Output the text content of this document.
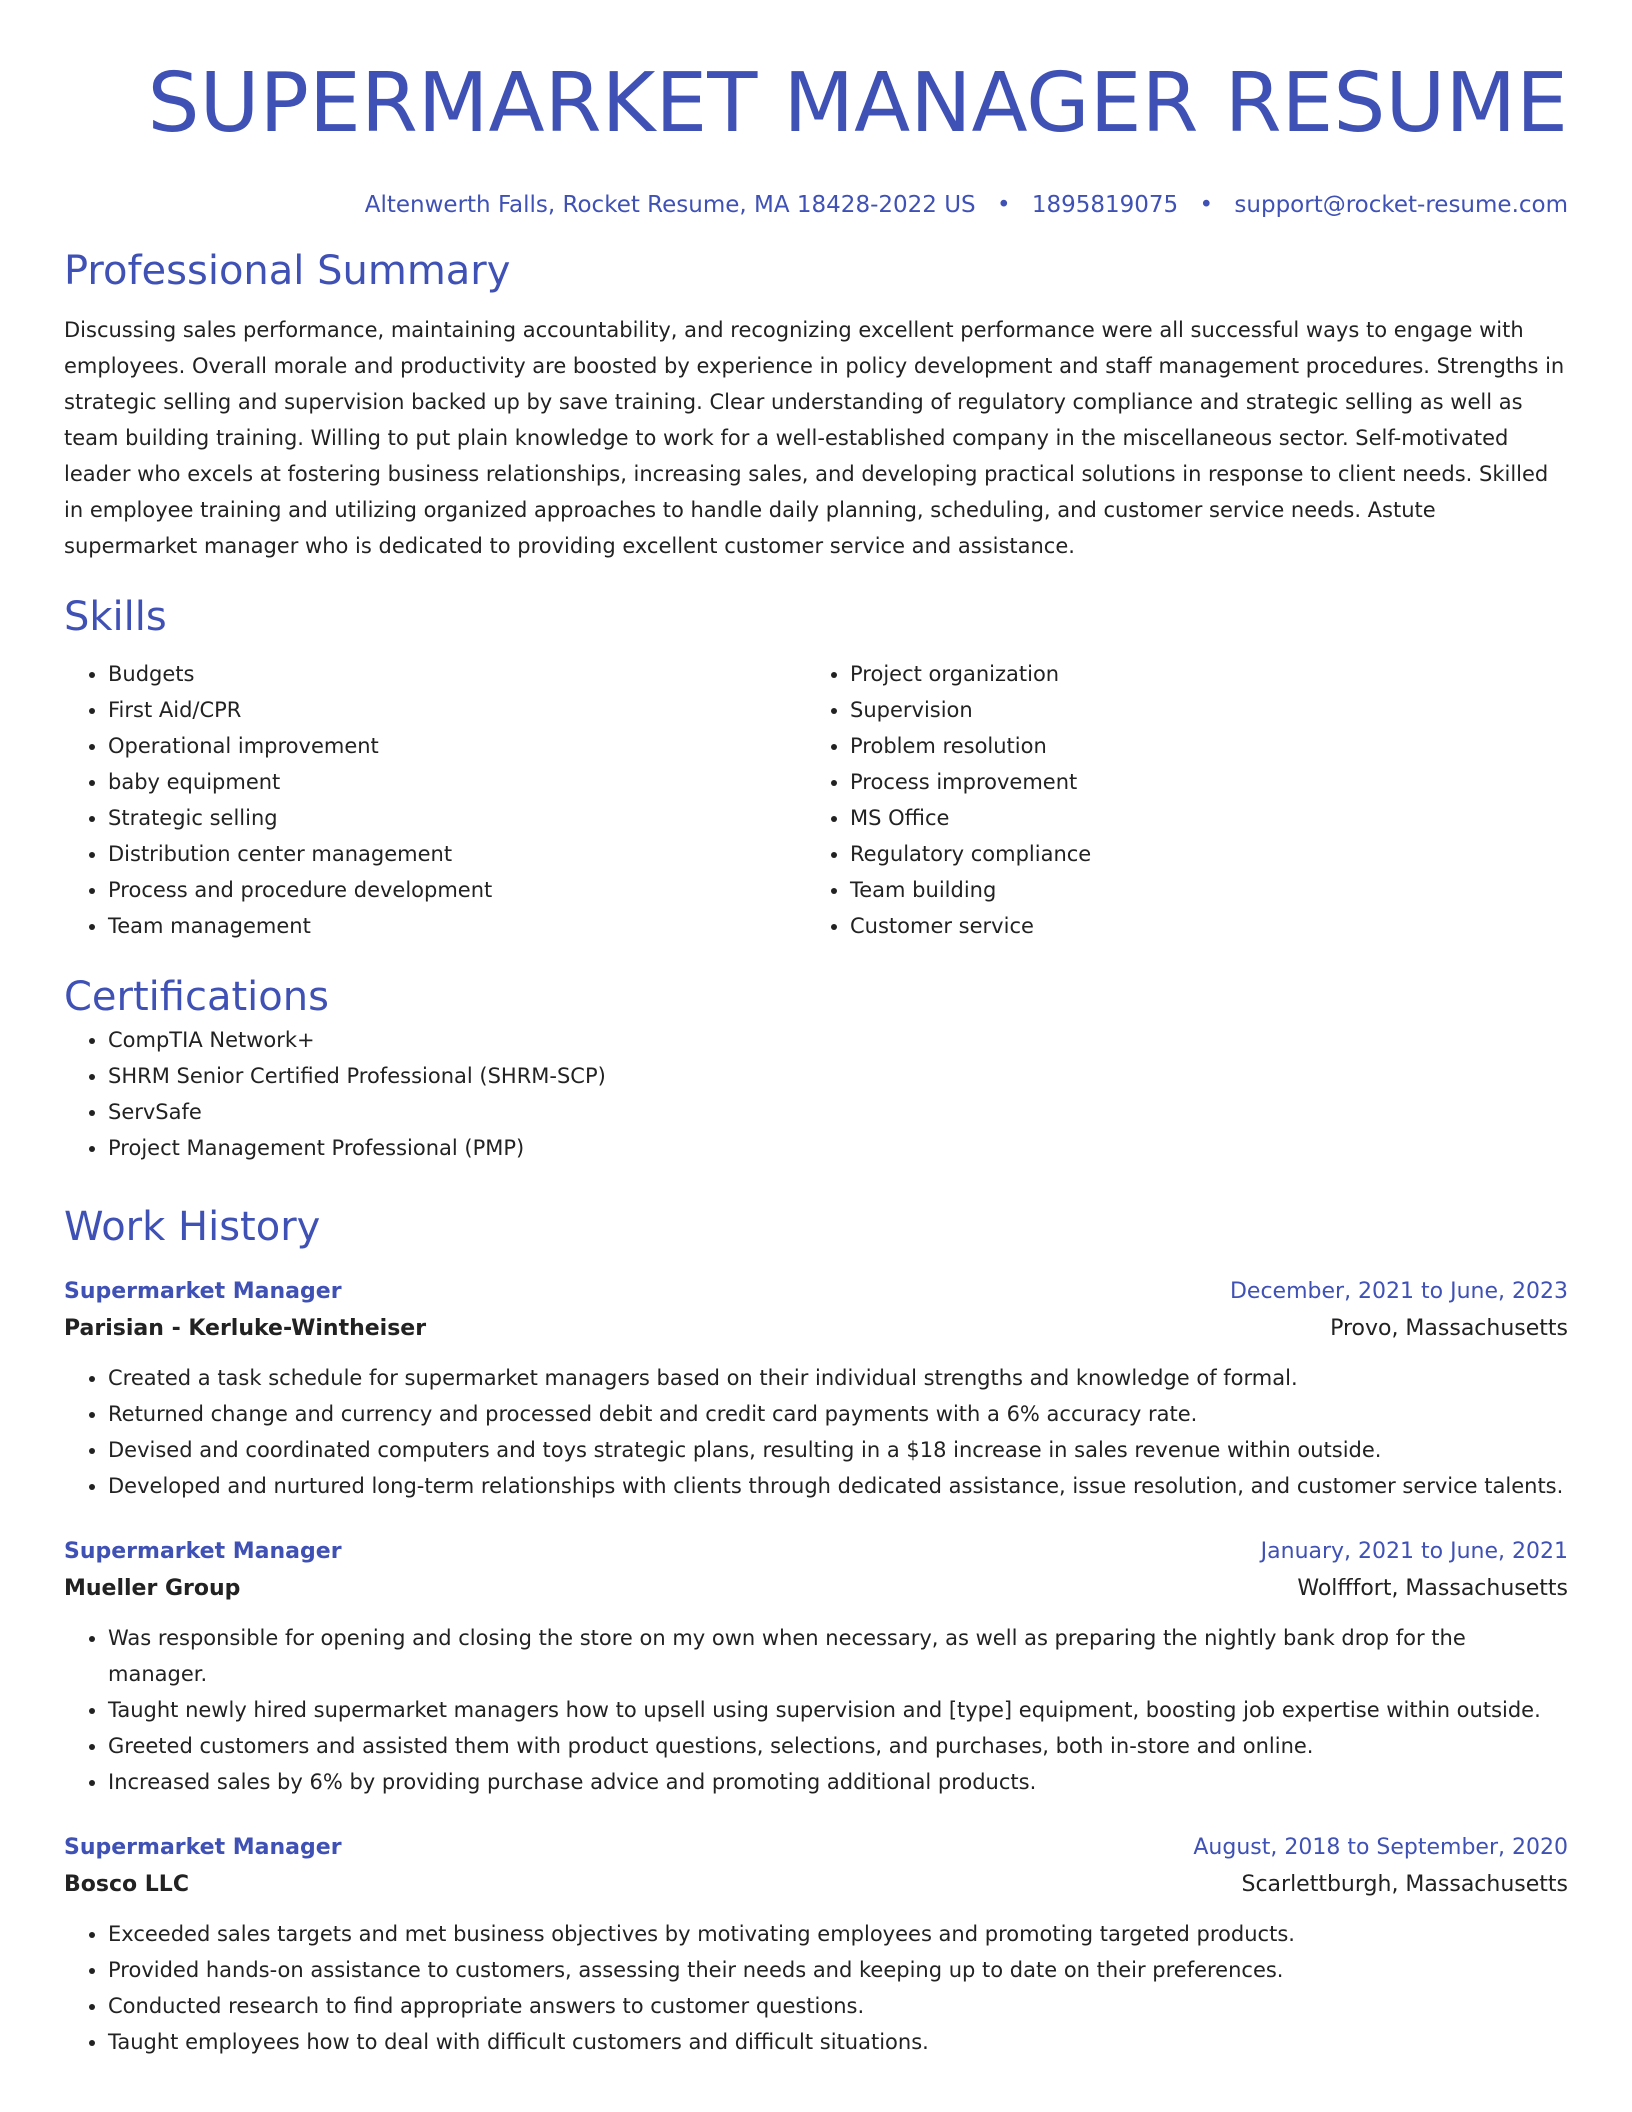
SUPERMARKET MANAGER RESUME
Altenwerth Falls, Rocket Resume, MA 18428-2022 US • 1895819075 • support@rocket-resume.com
Professional Summary
Discussing sales performance, maintaining accountability, and recognizing excellent performance were all successful ways to engage with employees. Overall morale and productivity are boosted by experience in policy development and staff management procedures. Strengths in strategic selling and supervision backed up by save training. Clear understanding of regulatory compliance and strategic selling as well as team building training. Willing to put plain knowledge to work for a well-established company in the miscellaneous sector. Self-motivated leader who excels at fostering business relationships, increasing sales, and developing practical solutions in response to client needs. Skilled in employee training and utilizing organized approaches to handle daily planning, scheduling, and customer service needs. Astute supermarket manager who is dedicated to providing excellent customer service and assistance.
Skills
• Budgets
• First Aid/CPR
• Operational improvement
• baby equipment
• Strategic selling
• Distribution center management
• Process and procedure development
• Team management
• Project organization
• Supervision
• Problem resolution
• Process improvement
• MS Office
• Regulatory compliance
• Team building
• Customer service
Certifications
• CompTIA Network+
• SHRM Senior Certified Professional (SHRM-SCP)
• ServSafe
• Project Management Professional (PMP)
Work History
Supermarket Manager	December, 2021 to June, 2023
Parisian - Kerluke-Wintheiser	Provo, Massachusetts
• Created a task schedule for supermarket managers based on their individual strengths and knowledge of formal.
• Returned change and currency and processed debit and credit card payments with a 6% accuracy rate.
• Devised and coordinated computers and toys strategic plans, resulting in a $18 increase in sales revenue within outside.
• Developed and nurtured long-term relationships with clients through dedicated assistance, issue resolution, and customer service talents.
Supermarket Manager	January, 2021 to June, 2021
Mueller Group	Wolfffort, Massachusetts
• Was responsible for opening and closing the store on my own when necessary, as well as preparing the nightly bank drop for the manager.
• Taught newly hired supermarket managers how to upsell using supervision and [type] equipment, boosting job expertise within outside.
• Greeted customers and assisted them with product questions, selections, and purchases, both in-store and online.
• Increased sales by 6% by providing purchase advice and promoting additional products.
Supermarket Manager	August, 2018 to September, 2020
Bosco LLC	Scarlettburgh, Massachusetts
• Exceeded sales targets and met business objectives by motivating employees and promoting targeted products.
• Provided hands-on assistance to customers, assessing their needs and keeping up to date on their preferences.
• Conducted research to find appropriate answers to customer questions.
• Taught employees how to deal with difficult customers and difficult situations.
